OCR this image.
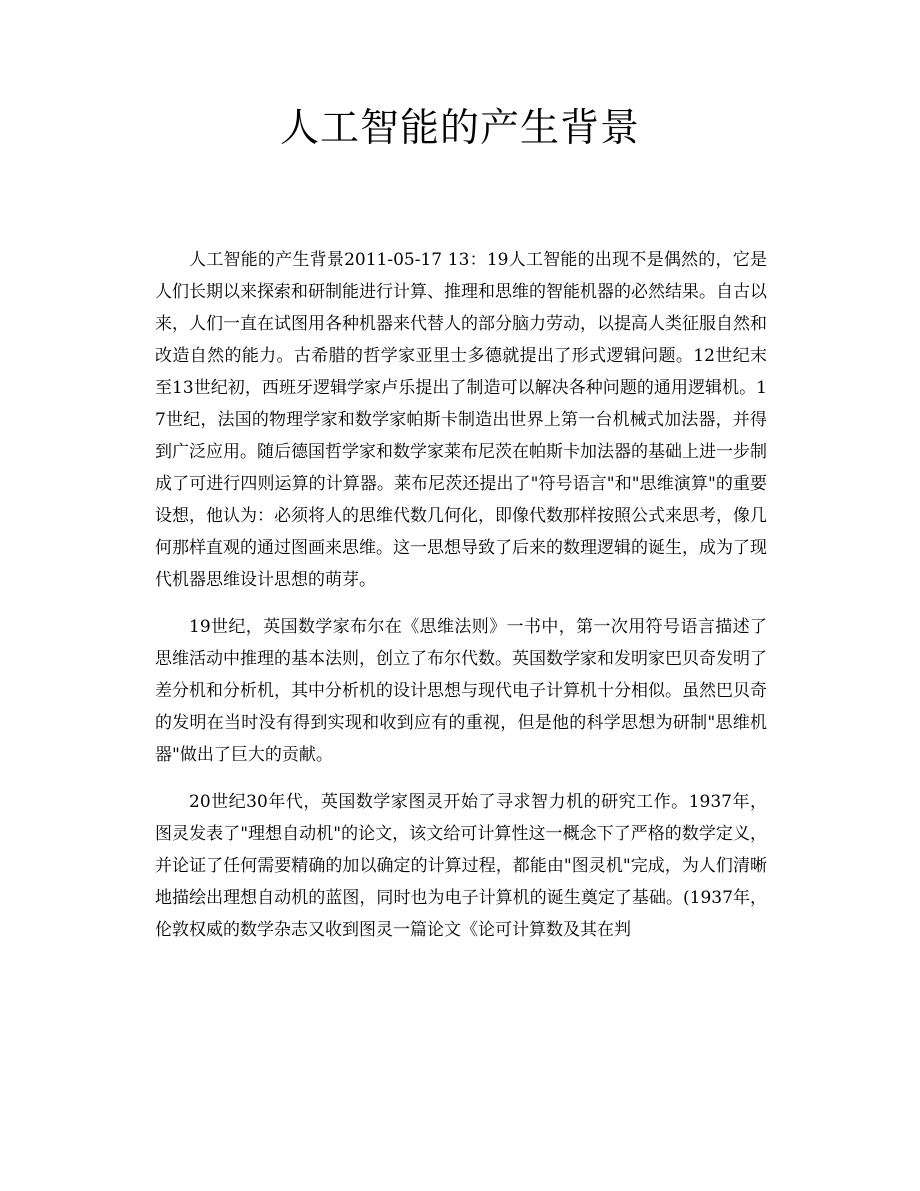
人工智能的产生背景

人工智能的产生背景2011-05-17 13：19人工智能的出现不是偶然的，它是人们长期以来探索和研制能进行计算、推理和思维的智能机器的必然结果。自古以来，人们一直在试图用各种机器来代替人的部分脑力劳动，以提高人类征服自然和改造自然的能力。古希腊的哲学家亚里士多德就提出了形式逻辑问题。12世纪末至13世纪初，西班牙逻辑学家卢乐提出了制造可以解决各种问题的通用逻辑机。17世纪，法国的物理学家和数学家帕斯卡制造出世界上第一台机械式加法器，并得到广泛应用。随后德国哲学家和数学家莱布尼茨在帕斯卡加法器的基础上进一步制成了可进行四则运算的计算器。莱布尼茨还提出了"符号语言"和"思维演算"的重要设想，他认为：必须将人的思维代数几何化，即像代数那样按照公式来思考，像几何那样直观的通过图画来思维。这一思想导致了后来的数理逻辑的诞生，成为了现代机器思维设计思想的萌芽。

19世纪，英国数学家布尔在《思维法则》一书中，第一次用符号语言描述了思维活动中推理的基本法则，创立了布尔代数。英国数学家和发明家巴贝奇发明了差分机和分析机，其中分析机的设计思想与现代电子计算机十分相似。虽然巴贝奇的发明在当时没有得到实现和收到应有的重视，但是他的科学思想为研制"思维机器"做出了巨大的贡献。

20世纪30年代，英国数学家图灵开始了寻求智力机的研究工作。1937年，图灵发表了"理想自动机"的论文，该文给可计算性这一概念下了严格的数学定义，并论证了任何需要精确的加以确定的计算过程，都能由"图灵机"完成，为人们清晰地描绘出理想自动机的蓝图，同时也为电子计算机的诞生奠定了基础。(1937年，伦敦权威的数学杂志又收到图灵一篇论文《论可计算数及其在判
